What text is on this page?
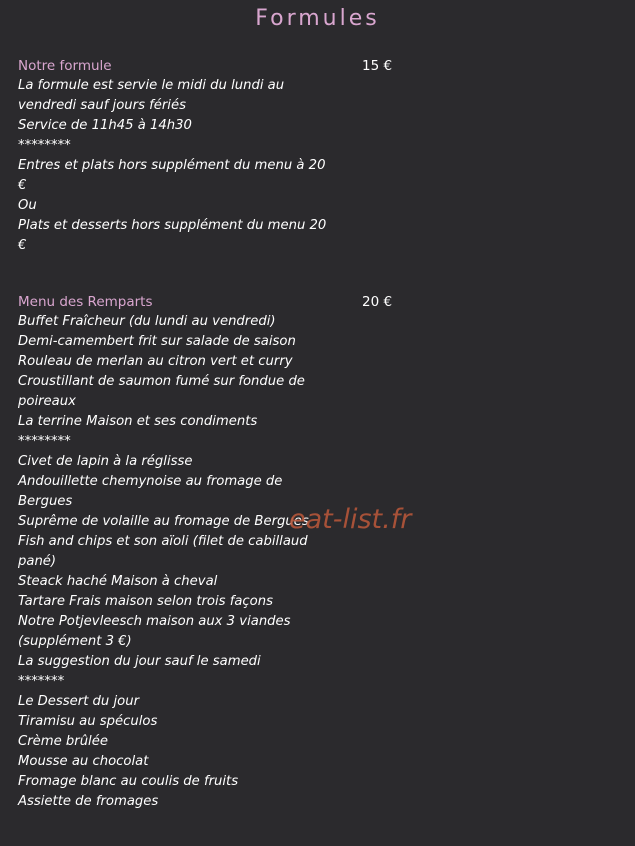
Formules
Notre formule	15 €

La formule est servie le midi du lundi au

vendredi sauf jours fériés

Service de 11h45 à 14h30

********

Entres et plats hors supplément du menu à 20

€

Ou

Plats et desserts hors supplément du menu 20

€

Menu des Remparts	20 €

Buffet Fraîcheur (du lundi au vendredi)

Demi-camembert frit sur salade de saison

Rouleau de merlan au citron vert et curry

Croustillant de saumon fumé sur fondue de

poireaux

La terrine Maison et ses condiments

********

Civet de lapin à la réglisse

Andouillette chemynoise au fromage de

Bergues

Suprême de volaille au fromage de Bergues

Fish and chips et son aïoli (filet de cabillaud

pané)

Steack haché Maison à cheval

Tartare Frais maison selon trois façons

Notre Potjevleesch maison aux 3 viandes

(supplément 3 €)

La suggestion du jour sauf le samedi

*******

Le Dessert du jour

Tiramisu au spéculos

Crème brûlée

Mousse au chocolat

Fromage blanc au coulis de fruits

Assiette de fromages

eat-list.fr
